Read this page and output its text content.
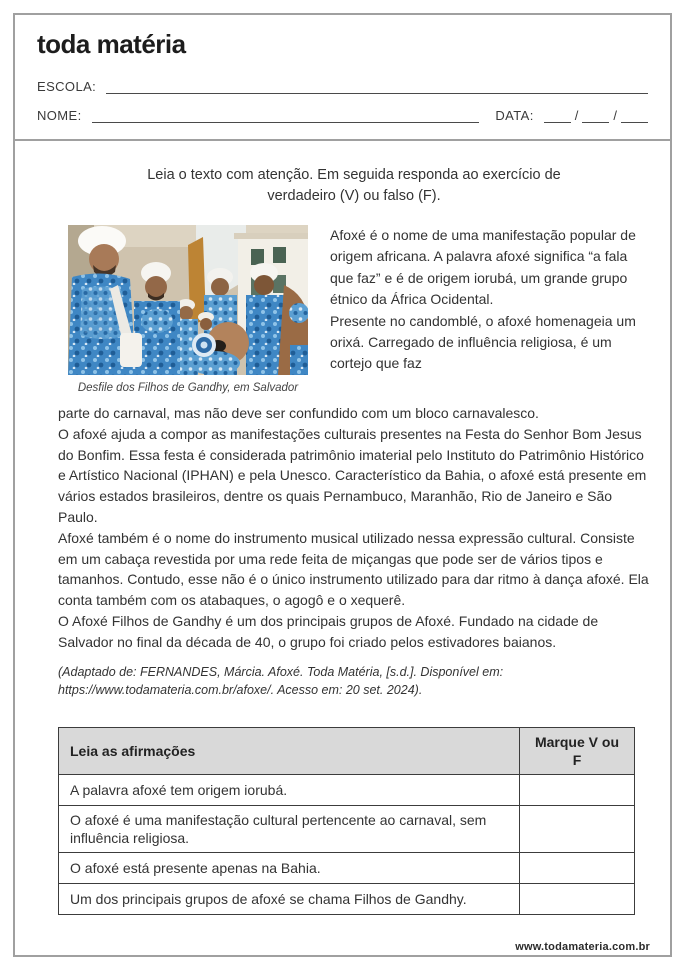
toda matéria
ESCOLA:
NOME:	DATA:	/	/

Leia o texto com atenção. Em seguida responda ao exercício de verdadeiro (V) ou falso (F).

Desfile dos Filhos de Gandhy, em Salvador

Afoxé é o nome de uma manifestação popular de origem africana. A palavra afoxé significa “a fala que faz” e é de origem iorubá, um grande grupo étnico da África Ocidental.

Presente no candomblé, o afoxé homenageia um orixá. Carregado de influência religiosa, é um cortejo que faz

parte do carnaval, mas não deve ser confundido com um bloco carnavalesco.

O afoxé ajuda a compor as manifestações culturais presentes na Festa do Senhor Bom Jesus do Bonfim. Essa festa é considerada patrimônio imaterial pelo Instituto do Patrimônio Histórico e Artístico Nacional (IPHAN) e pela Unesco. Característico da Bahia, o afoxé está presente em vários estados brasileiros, dentre os quais Pernambuco, Maranhão, Rio de Janeiro e São Paulo.

Afoxé também é o nome do instrumento musical utilizado nessa expressão cultural. Consiste em um cabaça revestida por uma rede feita de miçangas que pode ser de vários tipos e tamanhos. Contudo, esse não é o único instrumento utilizado para dar ritmo à dança afoxé. Ela conta também com os atabaques, o agogô e o xequerê.

O Afoxé Filhos de Gandhy é um dos principais grupos de Afoxé. Fundado na cidade de Salvador no final da década de 40, o grupo foi criado pelos estivadores baianos.

(Adaptado de: FERNANDES, Márcia. Afoxé. Toda Matéria, [s.d.]. Disponível em: https://www.todamateria.com.br/afoxe/. Acesso em: 20 set. 2024).

Leia as afirmações	Marque V ou F
A palavra afoxé tem origem iorubá.	
O afoxé é uma manifestação cultural pertencente ao carnaval, sem influência religiosa.	
O afoxé está presente apenas na Bahia.	
Um dos principais grupos de afoxé se chama Filhos de Gandhy.	
www.todamateria.com.br
